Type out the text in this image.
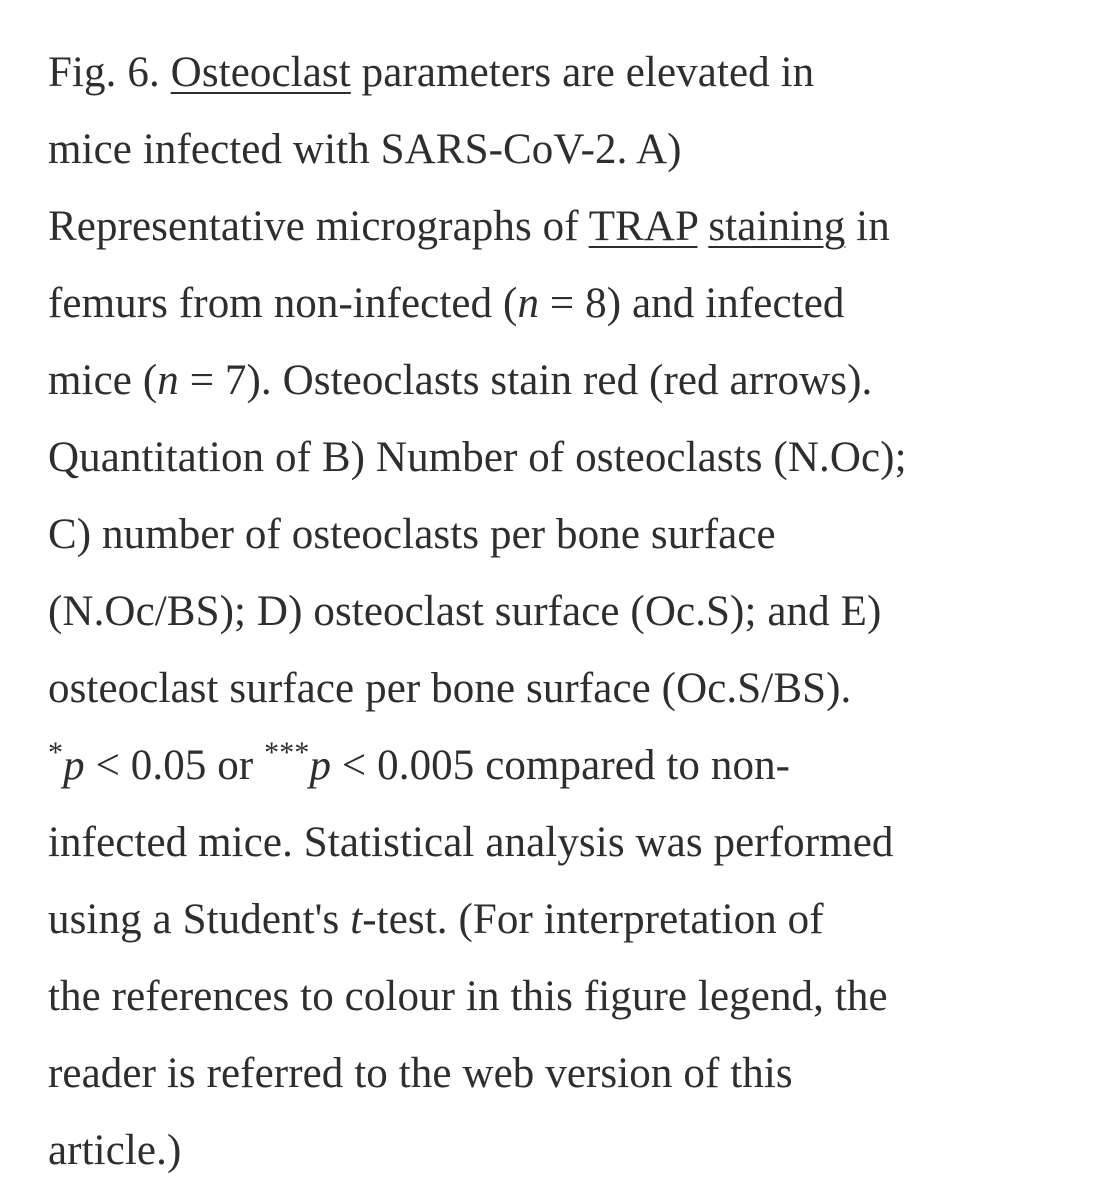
Fig. 6. Osteoclast parameters are elevated in
mice infected with SARS-CoV-2. A)
Representative micrographs of TRAP staining in
femurs from non-infected (n = 8) and infected
mice (n = 7). Osteoclasts stain red (red arrows).
Quantitation of B) Number of osteoclasts (N.Oc);
C) number of osteoclasts per bone surface
(N.Oc/BS); D) osteoclast surface (Oc.S); and E)
osteoclast surface per bone surface (Oc.S/BS).
*p < 0.05 or ***p < 0.005 compared to non-
infected mice. Statistical analysis was performed
using a Student's t-test. (For interpretation of
the references to colour in this figure legend, the
reader is referred to the web version of this
article.)
